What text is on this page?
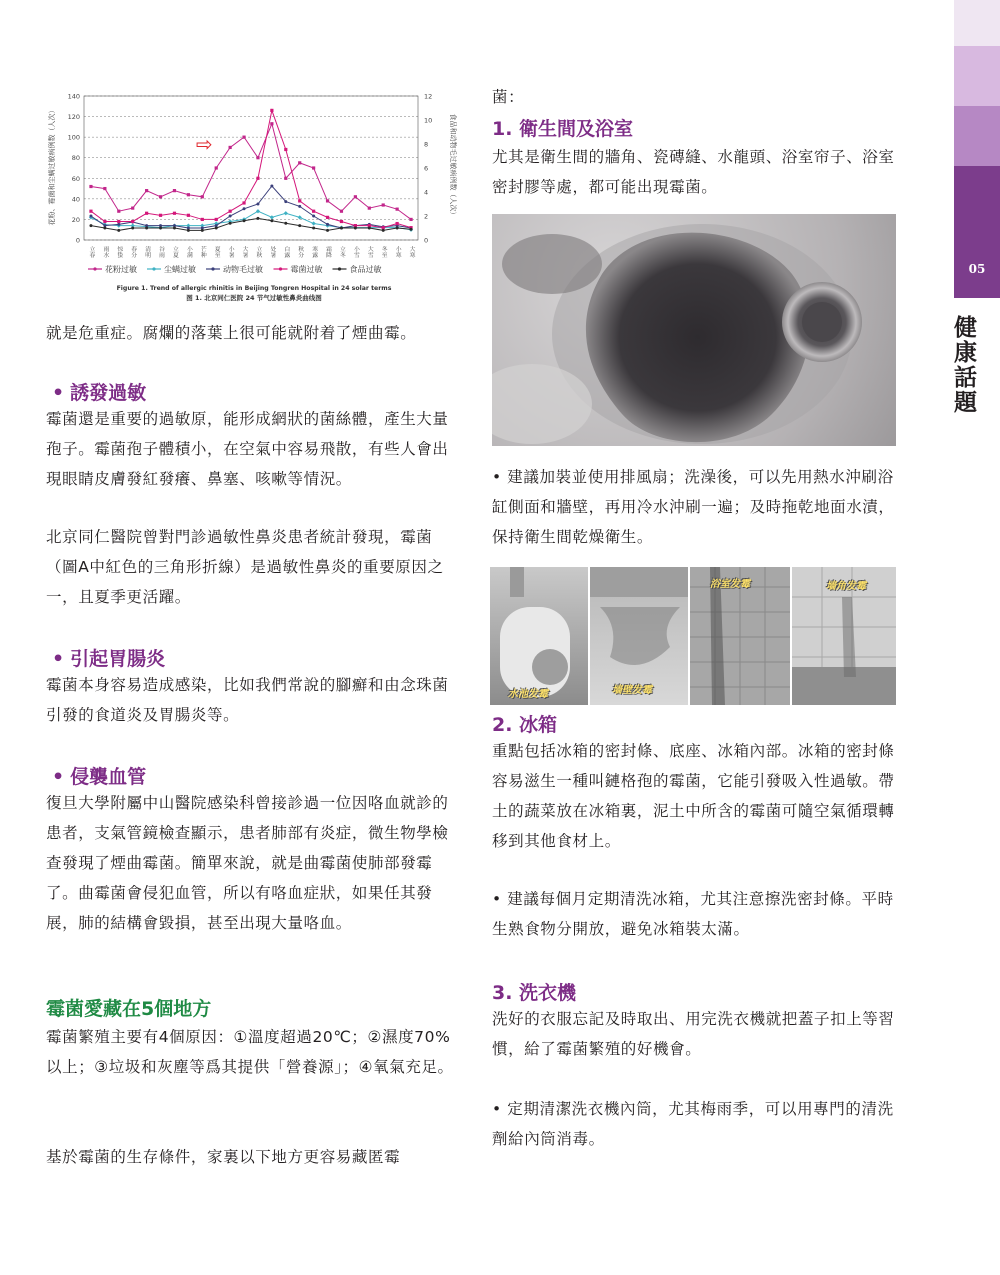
05
健康話題
0
20
40
60
80
100
120
140
0
2
4
6
8
10
12
立春 雨水 惊蛰 春分 清明 谷雨 立夏 小满 芒种 夏至 小暑 大暑 立秋 处暑 白露 秋分 寒露 霜降 立冬 小雪 大雪 冬至 小寒 大寒
花粉、霉菌和尘螨过敏病例数（人次）	食品和动物毛过敏病例数（人次）
⇨
花粉过敏	尘螨过敏	动物毛过敏	霉菌过敏	食品过敏
Figure 1. Trend of allergic rhinitis in Beijing Tongren Hospital in 24 solar terms
图 1. 北京同仁医院 24 节气过敏性鼻炎曲线图

就是危重症。腐爛的落葉上很可能就附着了煙曲霉。

• 誘發過敏

霉菌還是重要的過敏原，能形成網狀的菌絲體，產生大量孢子。霉菌孢子體積小，在空氣中容易飛散，有些人會出現眼睛皮膚發紅發癢、鼻塞、咳嗽等情況。

北京同仁醫院曾對門診過敏性鼻炎患者統計發現，霉菌（圖A中紅色的三角形折線）是過敏性鼻炎的重要原因之一，且夏季更活躍。

• 引起胃腸炎

霉菌本身容易造成感染，比如我們常說的腳癬和由念珠菌引發的食道炎及胃腸炎等。

• 侵襲血管

復旦大學附屬中山醫院感染科曾接診過一位因咯血就診的患者，支氣管鏡檢查顯示，患者肺部有炎症，微生物學檢查發現了煙曲霉菌。簡單來說，就是曲霉菌使肺部發霉了。曲霉菌會侵犯血管，所以有咯血症狀，如果任其發展，肺的結構會毀損，甚至出現大量咯血。

霉菌愛藏在5個地方

霉菌繁殖主要有4個原因：①溫度超過20℃；②濕度70%以上；③垃圾和灰塵等爲其提供「營養源」；④氧氣充足。

基於霉菌的生存條件，家裏以下地方更容易藏匿霉

菌：

1. 衛生間及浴室

尤其是衛生間的牆角、瓷磚縫、水龍頭、浴室帘子、浴室密封膠等處，都可能出現霉菌。

• 建議加裝並使用排風扇；洗澡後，可以先用熱水沖刷浴缸側面和牆壁，再用冷水沖刷一遍；及時拖乾地面水漬，保持衛生間乾燥衛生。

水池发霉	墙壁发霉
浴室发霉	墙角发霉
2. 冰箱

重點包括冰箱的密封條、底座、冰箱內部。冰箱的密封條容易滋生一種叫鏈格孢的霉菌，它能引發吸入性過敏。帶土的蔬菜放在冰箱裏，泥土中所含的霉菌可隨空氣循環轉移到其他食材上。

• 建議每個月定期清洗冰箱，尤其注意擦洗密封條。平時生熟食物分開放，避免冰箱裝太滿。

3. 洗衣機

洗好的衣服忘記及時取出、用完洗衣機就把蓋子扣上等習慣，給了霉菌繁殖的好機會。

• 定期清潔洗衣機內筒，尤其梅雨季，可以用專門的清洗劑給內筒消毒。
